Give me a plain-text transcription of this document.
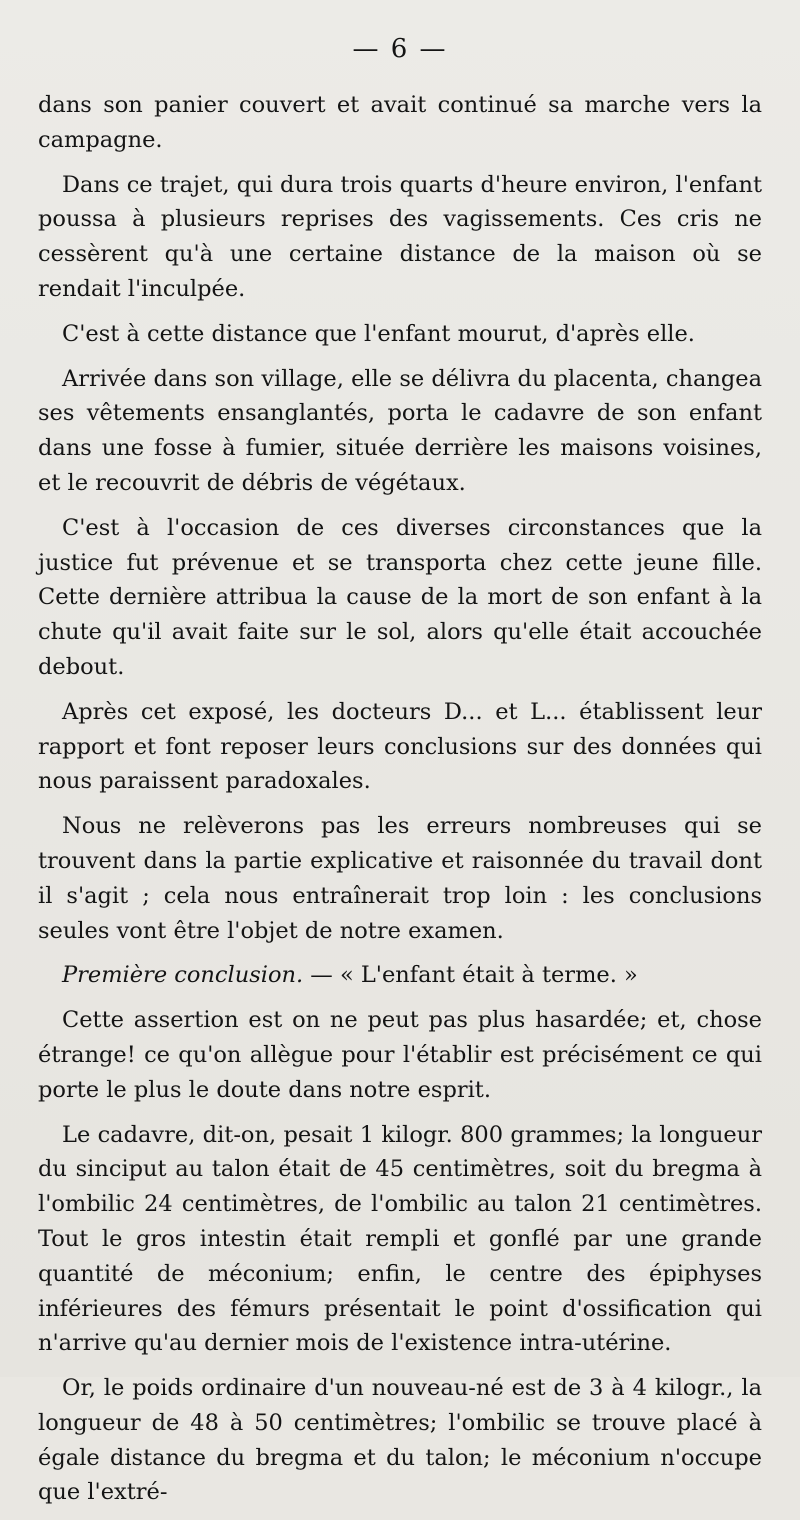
— 6 —

dans son panier couvert et avait continué sa marche vers la campagne.

Dans ce trajet, qui dura trois quarts d'heure environ, l'enfant poussa à plusieurs reprises des vagissements. Ces cris ne cessèrent qu'à une certaine distance de la maison où se rendait l'inculpée.

C'est à cette distance que l'enfant mourut, d'après elle.

Arrivée dans son village, elle se délivra du placenta, changea ses vêtements ensanglantés, porta le cadavre de son enfant dans une fosse à fumier, située derrière les maisons voisines, et le recouvrit de débris de végétaux.

C'est à l'occasion de ces diverses circonstances que la justice fut prévenue et se transporta chez cette jeune fille. Cette dernière attribua la cause de la mort de son enfant à la chute qu'il avait faite sur le sol, alors qu'elle était accouchée debout.

Après cet exposé, les docteurs D... et L... établissent leur rapport et font reposer leurs conclusions sur des données qui nous paraissent paradoxales.

Nous ne relèverons pas les erreurs nombreuses qui se trouvent dans la partie explicative et raisonnée du travail dont il s'agit ; cela nous entraînerait trop loin : les conclusions seules vont être l'objet de notre examen.

Première conclusion. — « L'enfant était à terme. »

Cette assertion est on ne peut pas plus hasardée; et, chose étrange! ce qu'on allègue pour l'établir est précisément ce qui porte le plus le doute dans notre esprit.

Le cadavre, dit-on, pesait 1 kilogr. 800 grammes; la longueur du sinciput au talon était de 45 centimètres, soit du bregma à l'ombilic 24 centimètres, de l'ombilic au talon 21 centimètres. Tout le gros intestin était rempli et gonflé par une grande quantité de méconium; enfin, le centre des épiphyses inférieures des fémurs présentait le point d'ossification qui n'arrive qu'au dernier mois de l'existence intra-utérine.

Or, le poids ordinaire d'un nouveau-né est de 3 à 4 kilogr., la longueur de 48 à 50 centimètres; l'ombilic se trouve placé à égale distance du bregma et du talon; le méconium n'occupe que l'extré-
